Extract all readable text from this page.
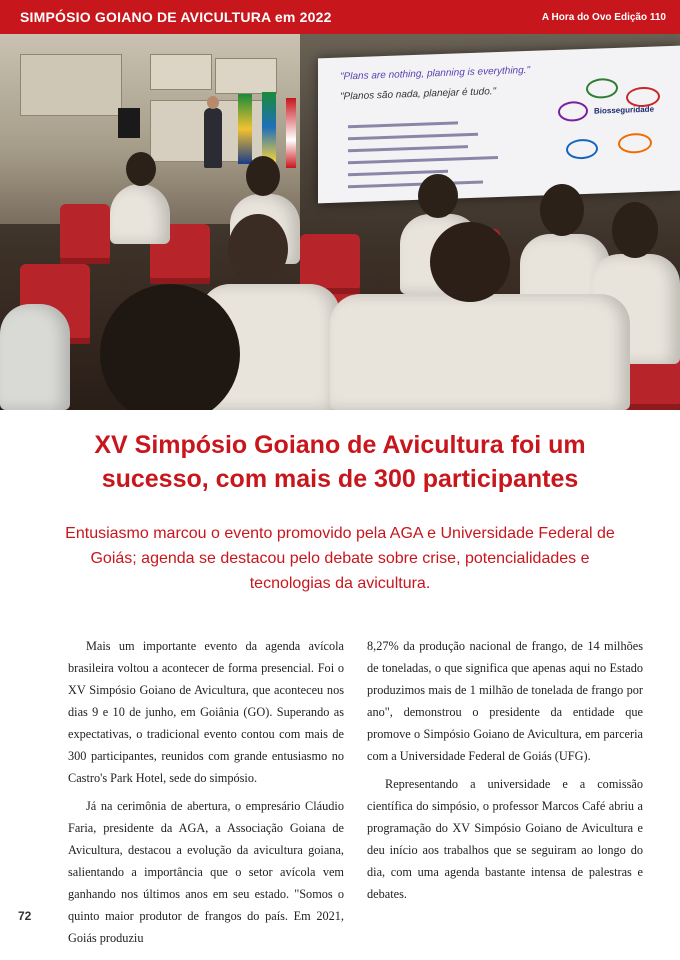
SIMPÓSIO GOIANO DE AVICULTURA em 2022	A Hora do Ovo Edição 110
"Plans are nothing, planning is everything."
"Planos são nada, planejar é tudo."
Biosseguridade
XV Simpósio Goiano de Avicultura foi um sucesso, com mais de 300 participantes

Entusiasmo marcou o evento promovido pela AGA e Universidade Federal de Goiás; agenda se destacou pelo debate sobre crise, potencialidades e tecnologias da avicultura.

Mais um importante evento da agenda avícola brasileira voltou a acontecer de forma presencial. Foi o XV Simpósio Goiano de Avicultura, que aconteceu nos dias 9 e 10 de junho, em Goiânia (GO). Superando as expectativas, o tradicional evento contou com mais de 300 participantes, reunidos com grande entusiasmo no Castro's Park Hotel, sede do simpósio.

Já na cerimônia de abertura, o empresário Cláudio Faria, presidente da AGA, a Associação Goiana de Avicultura, destacou a evolução da avicultura goiana, salientando a importância que o setor avícola vem ganhando nos últimos anos em seu estado. "Somos o quinto maior produtor de frangos do país. Em 2021, Goiás produziu

8,27% da produção nacional de frango, de 14 milhões de toneladas, o que significa que apenas aqui no Estado produzimos mais de 1 milhão de tonelada de frango por ano", demonstrou o presidente da entidade que promove o Simpósio Goiano de Avicultura, em parceria com a Universidade Federal de Goiás (UFG).

Representando a universidade e a comissão científica do simpósio, o professor Marcos Café abriu a programação do XV Simpósio Goiano de Avicultura e deu início aos trabalhos que se seguiram ao longo do dia, com uma agenda bastante intensa de palestras e debates.

72
